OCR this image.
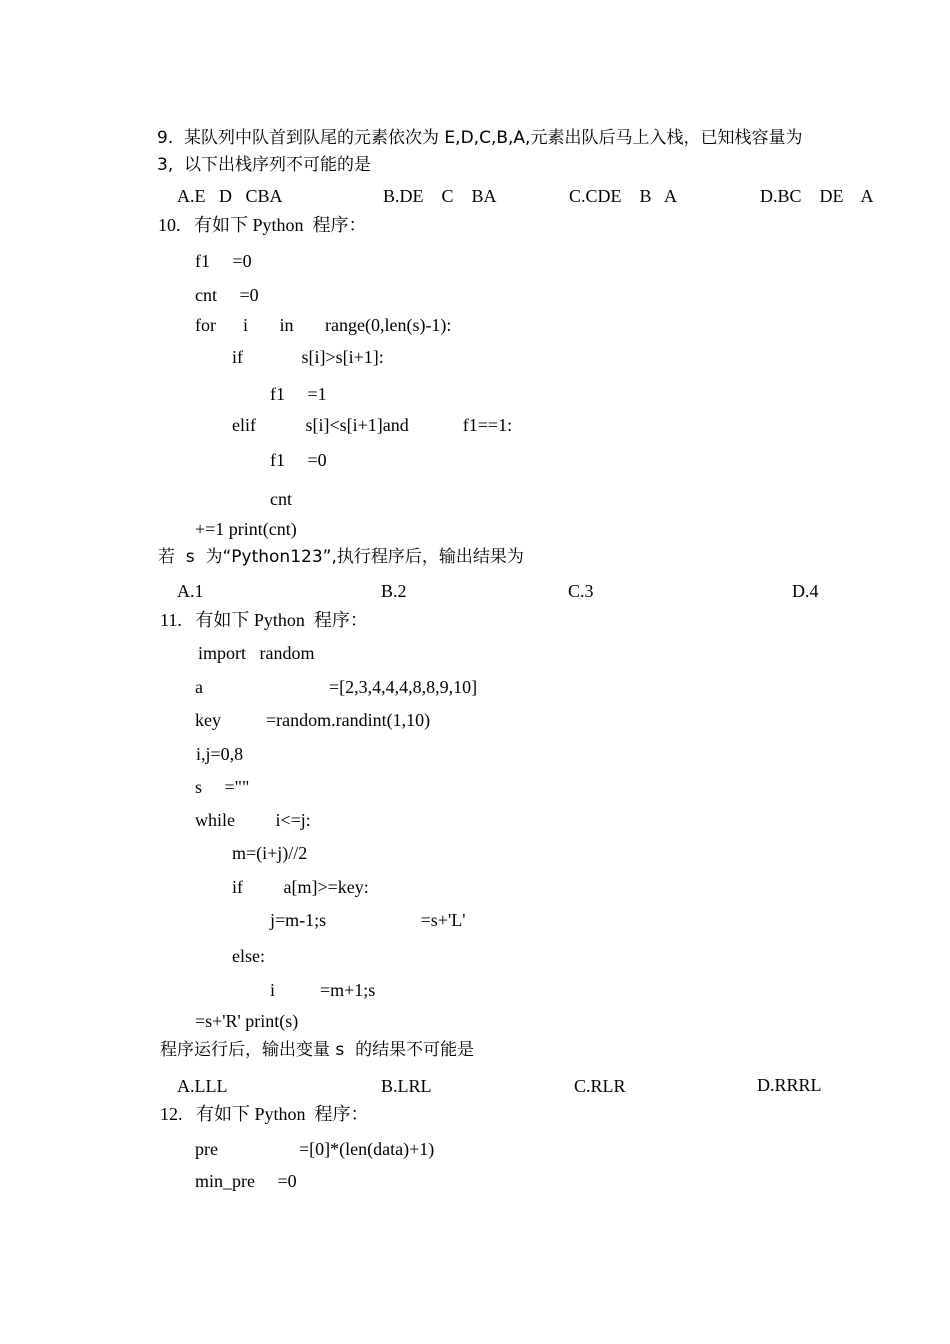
9.  某队列中队首到队尾的元素依次为 E,D,C,B,A,元素出队后马上入栈，已知栈容量为
3,  以下出栈序列不可能的是
A.E   D   CBA	B.DE    C    BA	C.CDE    B   A	D.BC    DE    A
10.   有如下 Python  程序：
f1     =0
cnt     =0
for      i       in       range(0,len(s)-1):
if             s[i]>s[i+1]:
f1     =1
elif           s[i]<s[i+1]and            f1==1:
f1     =0
cnt
+=1 print(cnt)
若  s  为“Python123”,执行程序后，输出结果为
A.1	B.2	C.3	D.4
11.   有如下 Python  程序：
import   random
a                            =[2,3,4,4,4,8,8,9,10]
key          =random.randint(1,10)
i,j=0,8
s     =""
while         i<=j:
m=(i+j)//2
if         a[m]>=key:
j=m-1;s                     =s+'L'
else:
i          =m+1;s
=s+'R' print(s)
程序运行后，输出变量 s  的结果不可能是
A.LLL	B.LRL	C.RLR	D.RRRL
12.   有如下 Python  程序：
pre                  =[0]*(len(data)+1)
min_pre     =0
